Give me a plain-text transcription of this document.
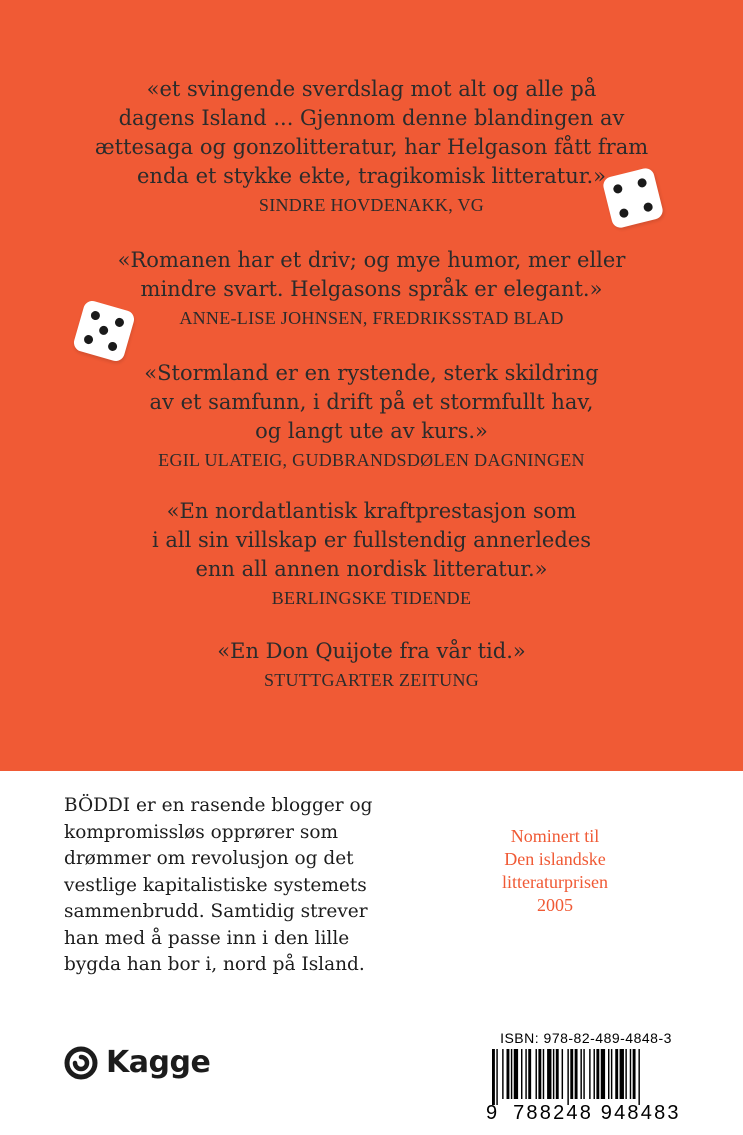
«et svingende sverdslag mot alt og alle på
dagens Island ... Gjennom denne blandingen av
ættesaga og gonzolitteratur, har Helgason fått fram
enda et stykke ekte, tragikomisk litteratur.»
SINDRE HOVDENAKK, VG
«Romanen har et driv; og mye humor, mer eller
mindre svart. Helgasons språk er elegant.»
ANNE-LISE JOHNSEN, FREDRIKSSTAD BLAD
«Stormland er en rystende, sterk skildring
av et samfunn, i drift på et stormfullt hav,
og langt ute av kurs.»
EGIL ULATEIG, GUDBRANDSDØLEN DAGNINGEN
«En nordatlantisk kraftprestasjon som
i all sin villskap er fullstendig annerledes
enn all annen nordisk litteratur.»
BERLINGSKE TIDENDE
«En Don Quijote fra vår tid.»
STUTTGARTER ZEITUNG
BÖDDI er en rasende blogger og
kompromissløs opprører som
drømmer om revolusjon og det
vestlige kapitalistiske systemets
sammenbrudd. Samtidig strever
han med å passe inn i den lille
bygda han bor i, nord på Island.
Nominert til
Den islandske
litteraturprisen
2005
Kagge
ISBN: 978-82-489-4848-3
9 788248 948483
